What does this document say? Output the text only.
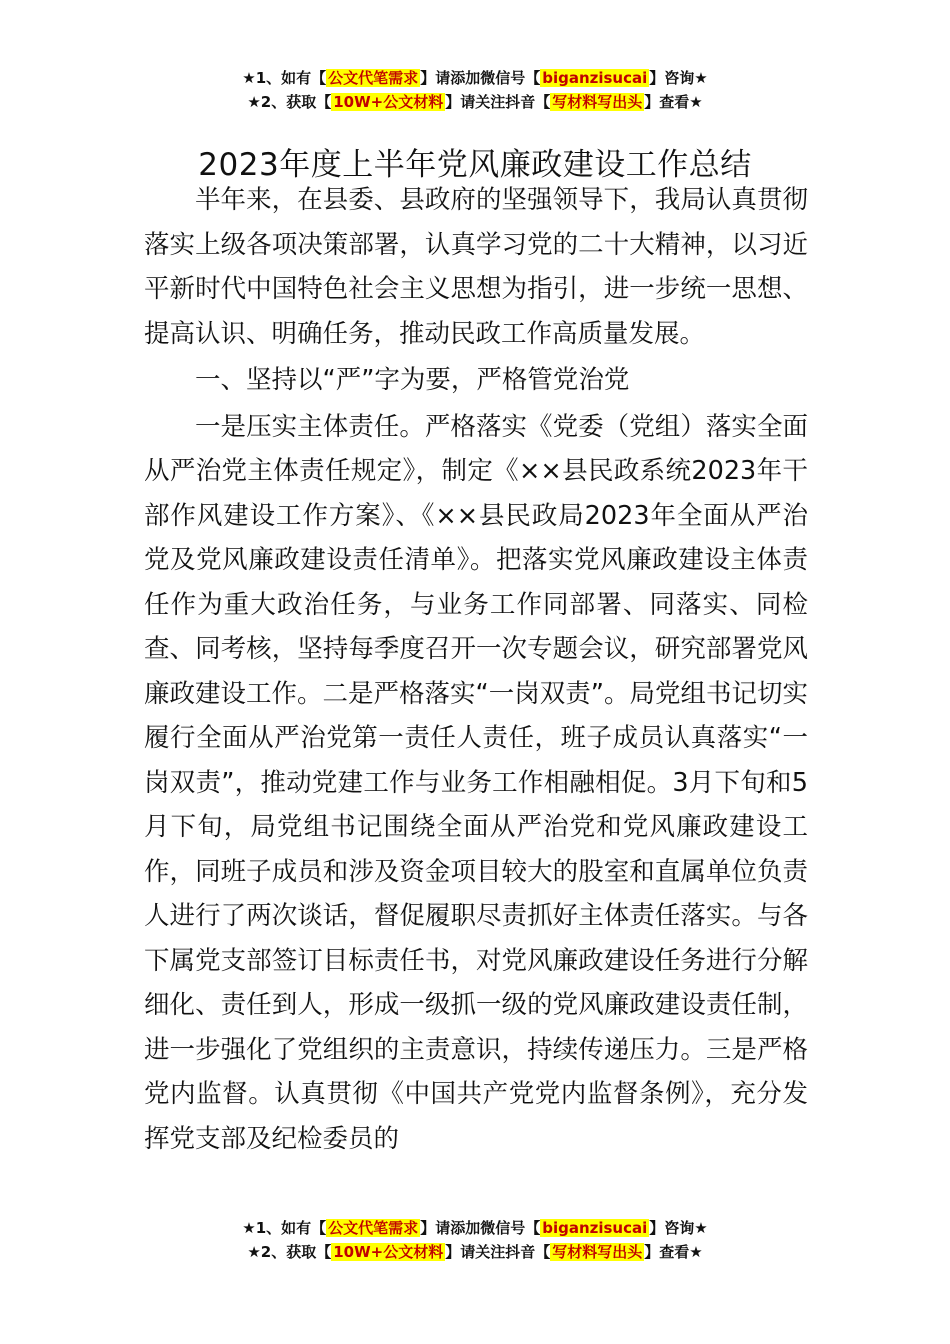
★1、如有【 公文代笔需求 】请添加微信号【 biganzisucai 】咨询★
★2、获取【 10W+公文材料 】请关注抖音【 写材料写出头 】查看★
2023年度上半年党风廉政建设工作总结

半年来，在县委、县政府的坚强领导下，我局认真贯彻落实上级各项决策部署，认真学习党的二十大精神，以习近平新时代中国特色社会主义思想为指引，进一步统一思想、提高认识、明确任务，推动民政工作高质量发展。

一、坚持以“严”字为要，严格管党治党

一是压实主体责任。严格落实《党委（党组）落实全面从严治党主体责任规定》，制定《××县民政系统2023年干部作风建设工作方案》、《××县民政局2023年全面从严治党及党风廉政建设责任清单》。把落实党风廉政建设主体责任作为重大政治任务，与业务工作同部署、同落实、同检查、同考核，坚持每季度召开一次专题会议，研究部署党风廉政建设工作。二是严格落实“一岗双责”。局党组书记切实履行全面从严治党第一责任人责任，班子成员认真落实“一岗双责”，推动党建工作与业务工作相融相促。3月下旬和5月下旬，局党组书记围绕全面从严治党和党风廉政建设工作，同班子成员和涉及资金项目较大的股室和直属单位负责人进行了两次谈话，督促履职尽责抓好主体责任落实。与各下属党支部签订目标责任书，对党风廉政建设任务进行分解细化、责任到人，形成一级抓一级的党风廉政建设责任制，进一步强化了党组织的主责意识，持续传递压力。三是严格党内监督。认真贯彻《中国共产党党内监督条例》，充分发挥党支部及纪检委员的

★1、如有【 公文代笔需求 】请添加微信号【 biganzisucai 】咨询★
★2、获取【 10W+公文材料 】请关注抖音【 写材料写出头 】查看★
